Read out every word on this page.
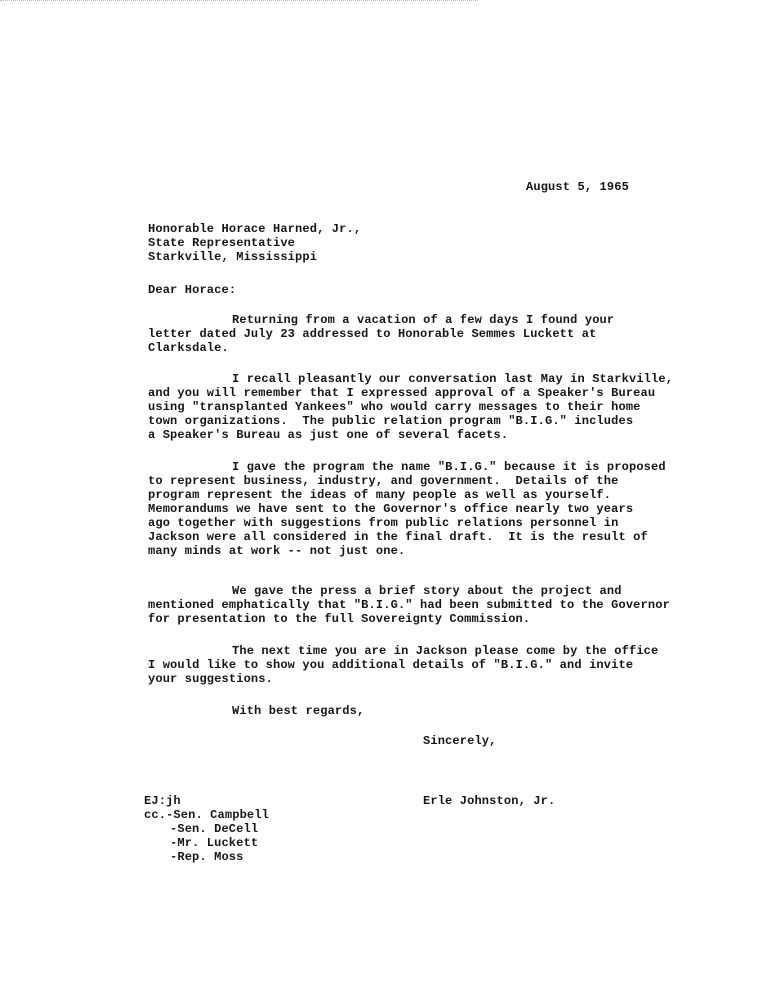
August 5, 1965
Honorable Horace Harned, Jr.,
State Representative
Starkville, Mississippi
Dear Horace:
Returning from a vacation of a few days I found your
letter dated July 23 addressed to Honorable Semmes Luckett at
Clarksdale.
I recall pleasantly our conversation last May in Starkville,
and you will remember that I expressed approval of a Speaker's Bureau
using "transplanted Yankees" who would carry messages to their home
town organizations.  The public relation program "B.I.G." includes
a Speaker's Bureau as just one of several facets.
I gave the program the name "B.I.G." because it is proposed
to represent business, industry, and government.  Details of the
program represent the ideas of many people as well as yourself.
Memorandums we have sent to the Governor's office nearly two years
ago together with suggestions from public relations personnel in
Jackson were all considered in the final draft.  It is the result of
many minds at work -- not just one.
We gave the press a brief story about the project and
mentioned emphatically that "B.I.G." had been submitted to the Governor
for presentation to the full Sovereignty Commission.
The next time you are in Jackson please come by the office
I would like to show you additional details of "B.I.G." and invite
your suggestions.
With best regards,
Sincerely,
Erle Johnston, Jr.
EJ:jh
cc.-Sen. Campbell
-Sen. DeCell
-Mr. Luckett
-Rep. Moss
